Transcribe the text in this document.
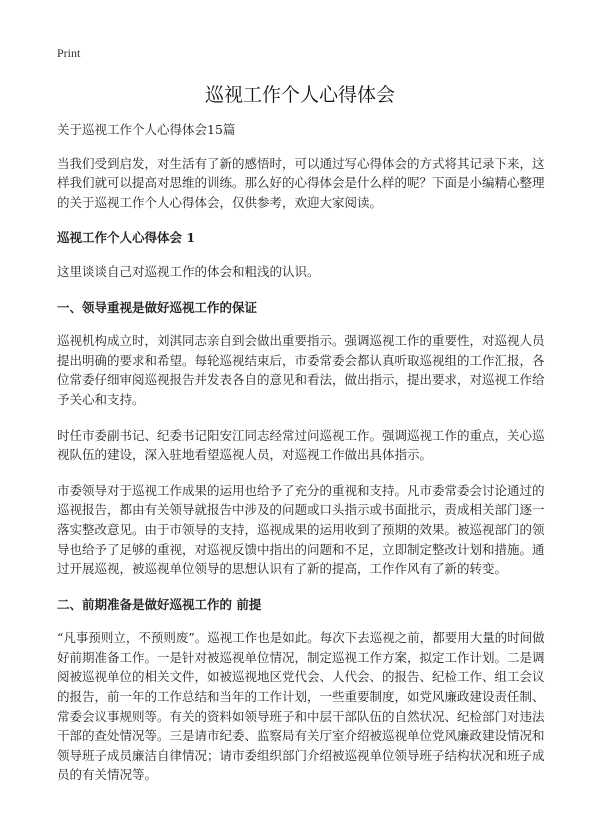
Print
巡视工作个人心得体会

关于巡视工作个人心得体会15篇

当我们受到启发，对生活有了新的感悟时，可以通过写心得体会的方式将其记录下来，这样我们就可以提高对思维的训练。那么好的心得体会是什么样的呢？下面是小编精心整理的关于巡视工作个人心得体会，仅供参考，欢迎大家阅读。

巡视工作个人心得体会 1

这里谈谈自己对巡视工作的体会和粗浅的认识。

一、领导重视是做好巡视工作的保证

巡视机构成立时，刘淇同志亲自到会做出重要指示。强调巡视工作的重要性，对巡视人员提出明确的要求和希望。每轮巡视结束后，市委常委会都认真听取巡视组的工作汇报，各位常委仔细审阅巡视报告并发表各自的意见和看法，做出指示，提出要求，对巡视工作给予关心和支持。

时任市委副书记、纪委书记阳安江同志经常过问巡视工作。强调巡视工作的重点，关心巡视队伍的建设，深入驻地看望巡视人员，对巡视工作做出具体指示。

市委领导对于巡视工作成果的运用也给予了充分的重视和支持。凡市委常委会讨论通过的巡视报告，都由有关领导就报告中涉及的问题或口头指示或书面批示，责成相关部门逐一落实整改意见。由于市领导的支持，巡视成果的运用收到了预期的效果。被巡视部门的领导也给予了足够的重视，对巡视反馈中指出的问题和不足，立即制定整改计划和措施。通过开展巡视，被巡视单位领导的思想认识有了新的提高，工作作风有了新的转变。

二、前期准备是做好巡视工作的 前提

“凡事预则立，不预则废”。巡视工作也是如此。每次下去巡视之前，都要用大量的时间做好前期准备工作。一是针对被巡视单位情况，制定巡视工作方案，拟定工作计划。二是调阅被巡视单位的相关文件，如被巡视地区党代会、人代会、的报告、纪检工作、组工会议的报告，前一年的工作总结和当年的工作计划，一些重要制度，如党风廉政建设责任制、常委会议事规则等。有关的资料如领导班子和中层干部队伍的自然状况、纪检部门对违法干部的查处情况等。三是请市纪委、监察局有关厅室介绍被巡视单位党风廉政建设情况和领导班子成员廉洁自律情况；请市委组织部门介绍被巡视单位领导班子结构状况和班子成员的有关情况等。
